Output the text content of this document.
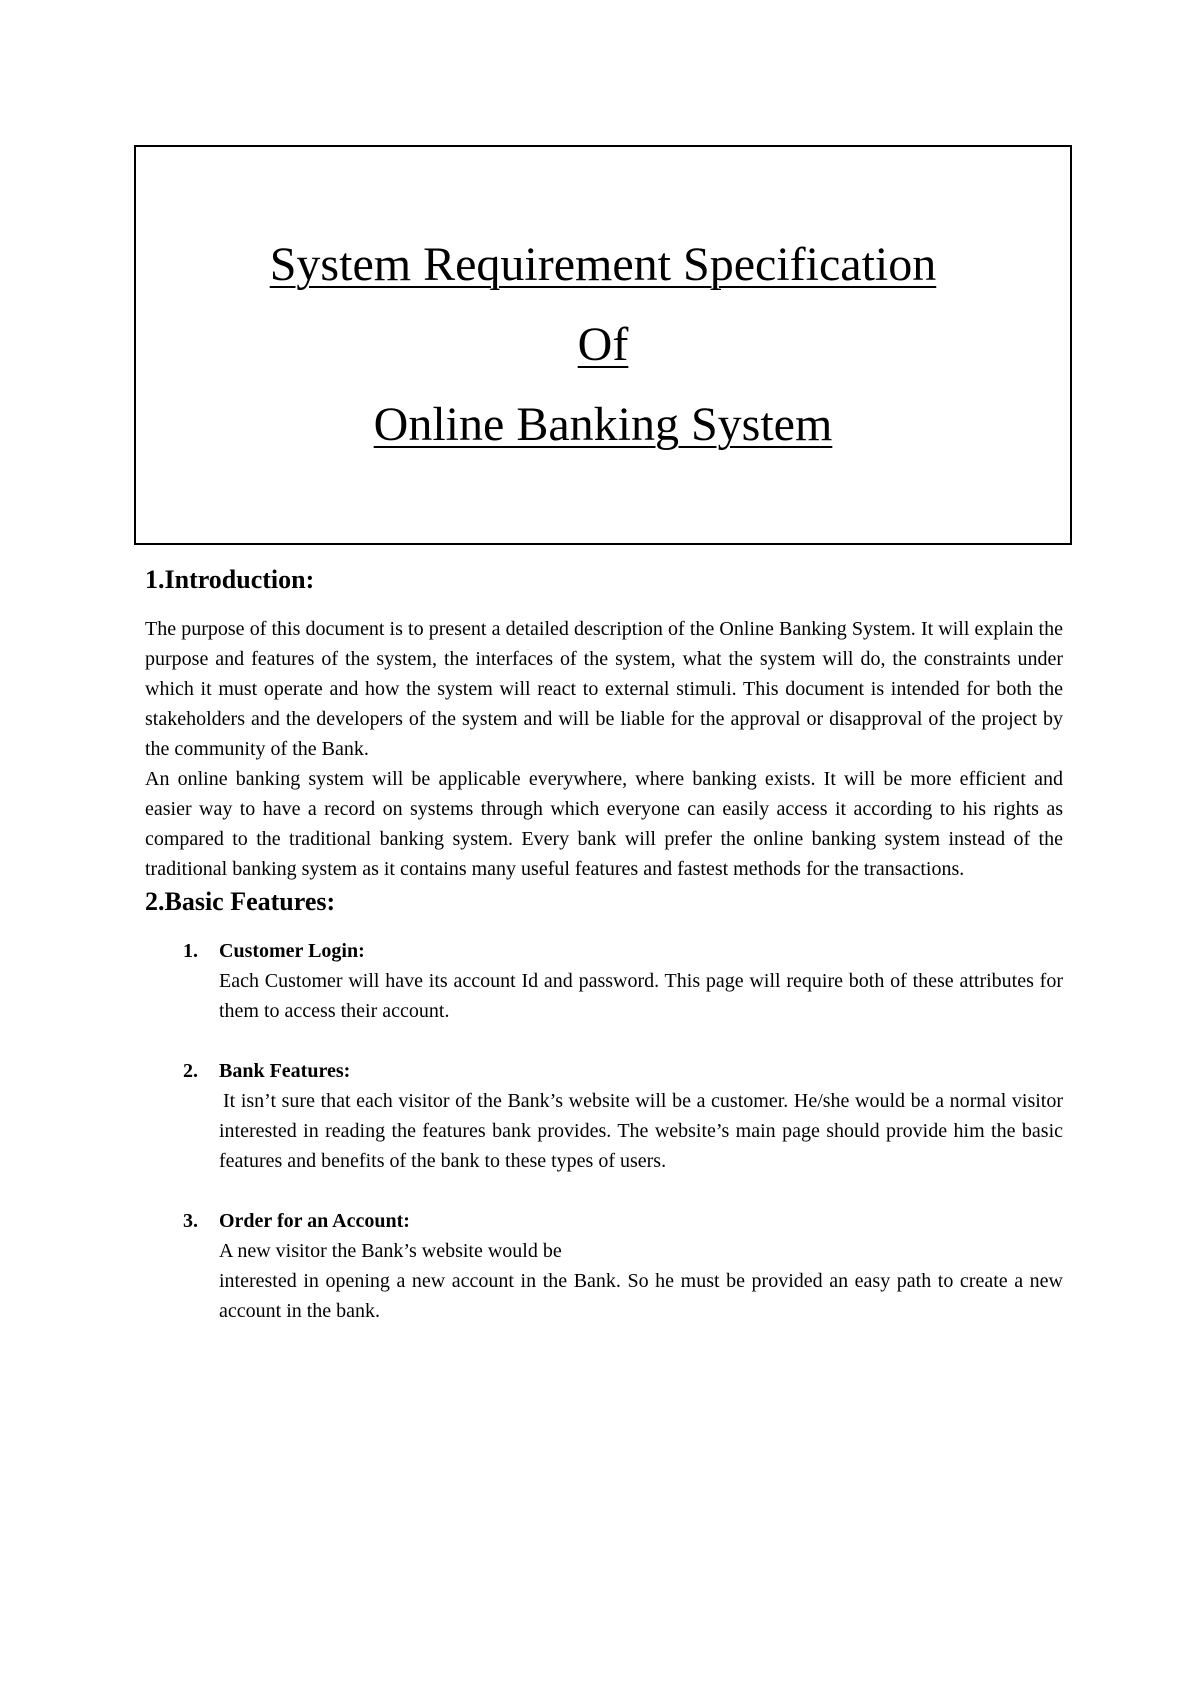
System Requirement Specification
Of
Online Banking System
1.Introduction:

The purpose of this document is to present a detailed description of the Online Banking System. It will explain the purpose and features of the system, the interfaces of the system, what the system will do, the constraints under which it must operate and how the system will react to external stimuli. This document is intended for both the stakeholders and the developers of the system and will be liable for the approval or disapproval of the project by the community of the Bank.

An online banking system will be applicable everywhere, where banking exists. It will be more efficient and easier way to have a record on systems through which everyone can easily access it according to his rights as compared to the traditional banking system. Every bank will prefer the online banking system instead of the traditional banking system as it contains many useful features and fastest methods for the transactions.

2.Basic Features:
1. Customer Login:
Each Customer will have its account Id and password. This page will require both of these attributes for them to access their account.
2. Bank Features:
It isn’t sure that each visitor of the Bank’s website will be a customer. He/she would be a normal visitor interested in reading the features bank provides. The website’s main page should provide him the basic features and benefits of the bank to these types of users.
3. Order for an Account:
A new visitor the Bank’s website would be
interested in opening a new account in the Bank. So he must be provided an easy path to create a new account in the bank.
